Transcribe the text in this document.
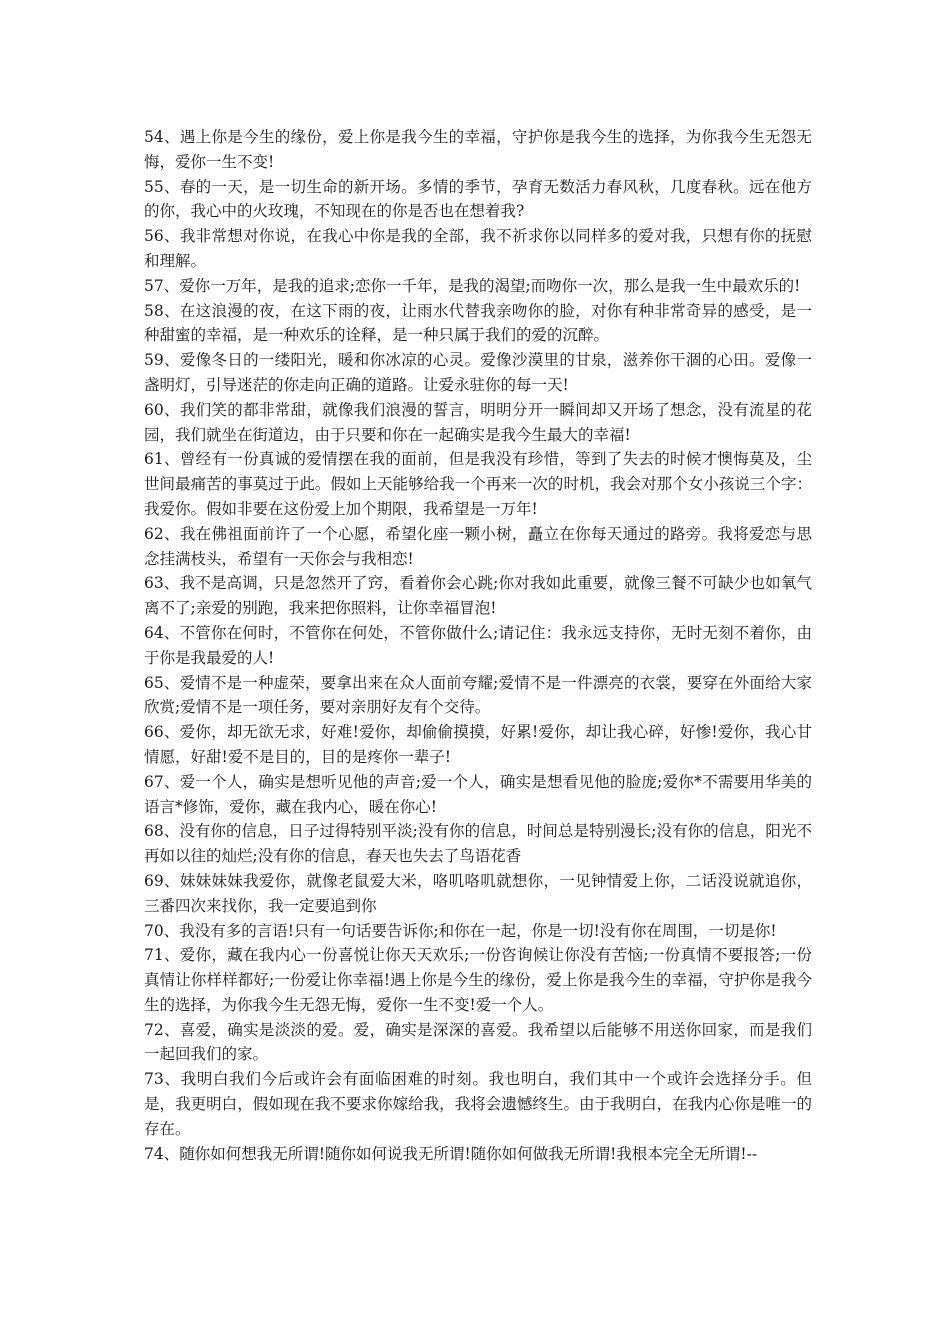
54、遇上你是今生的缘份，爱上你是我今生的幸福，守护你是我今生的选择，为你我今生无怨无悔，爱你一生不变!

55、春的一天，是一切生命的新开场。多情的季节，孕育无数活力春风秋，几度春秋。远在他方的你，我心中的火玫瑰，不知现在的你是否也在想着我?

56、我非常想对你说，在我心中你是我的全部，我不祈求你以同样多的爱对我，只想有你的抚慰和理解。

57、爱你一万年，是我的追求;恋你一千年，是我的渴望;而吻你一次，那么是我一生中最欢乐的!

58、在这浪漫的夜，在这下雨的夜，让雨水代替我亲吻你的脸，对你有种非常奇异的感受，是一种甜蜜的幸福，是一种欢乐的诠释，是一种只属于我们的爱的沉醉。

59、爱像冬日的一缕阳光，暖和你冰凉的心灵。爱像沙漠里的甘泉，滋养你干涸的心田。爱像一盏明灯，引导迷茫的你走向正确的道路。让爱永驻你的每一天!

60、我们笑的都非常甜，就像我们浪漫的誓言，明明分开一瞬间却又开场了想念，没有流星的花园，我们就坐在街道边，由于只要和你在一起确实是我今生最大的幸福!

61、曾经有一份真诚的爱情摆在我的面前，但是我没有珍惜，等到了失去的时候才懊悔莫及，尘世间最痛苦的事莫过于此。假如上天能够给我一个再来一次的时机，我会对那个女小孩说三个字：我爱你。假如非要在这份爱上加个期限，我希望是一万年!

62、我在佛祖面前许了一个心愿，希望化座一颗小树，矗立在你每天通过的路旁。我将爱恋与思念挂满枝头，希望有一天你会与我相恋!

63、我不是高调，只是忽然开了窍，看着你会心跳;你对我如此重要，就像三餐不可缺少也如氧气离不了;亲爱的别跑，我来把你照料，让你幸福冒泡!

64、不管你在何时，不管你在何处，不管你做什么;请记住：我永远支持你，无时无刻不着你，由于你是我最爱的人!

65、爱情不是一种虚荣，要拿出来在众人面前夸耀;爱情不是一件漂亮的衣裳，要穿在外面给大家欣赏;爱情不是一项任务，要对亲朋好友有个交待。

66、爱你，却无欲无求，好难!爱你，却偷偷摸摸，好累!爱你，却让我心碎，好惨!爱你，我心甘情愿，好甜!爱不是目的，目的是疼你一辈子!

67、爱一个人，确实是想听见他的声音;爱一个人，确实是想看见他的脸庞;爱你*不需要用华美的语言*修饰，爱你，藏在我内心，暖在你心!

68、没有你的信息，日子过得特别平淡;没有你的信息，时间总是特别漫长;没有你的信息，阳光不再如以往的灿烂;没有你的信息，春天也失去了鸟语花香

69、妹妹妹妹我爱你，就像老鼠爱大米，咯叽咯叽就想你，一见钟情爱上你，二话没说就追你，三番四次来找你，我一定要追到你

70、我没有多的言语!只有一句话要告诉你;和你在一起，你是一切!没有你在周围，一切是你!

71、爱你，藏在我内心一份喜悦让你天天欢乐;一份咨询候让你没有苦恼;一份真情不要报答;一份真情让你样样都好;一份爱让你幸福!遇上你是今生的缘份，爱上你是我今生的幸福，守护你是我今生的选择，为你我今生无怨无悔，爱你一生不变!爱一个人。

72、喜爱，确实是淡淡的爱。爱，确实是深深的喜爱。我希望以后能够不用送你回家，而是我们一起回我们的家。

73、我明白我们今后或许会有面临困难的时刻。我也明白，我们其中一个或许会选择分手。但是，我更明白，假如现在我不要求你嫁给我，我将会遗憾终生。由于我明白，在我内心你是唯一的存在。

74、随你如何想我无所谓!随你如何说我无所谓!随你如何做我无所谓!我根本完全无所谓!--
